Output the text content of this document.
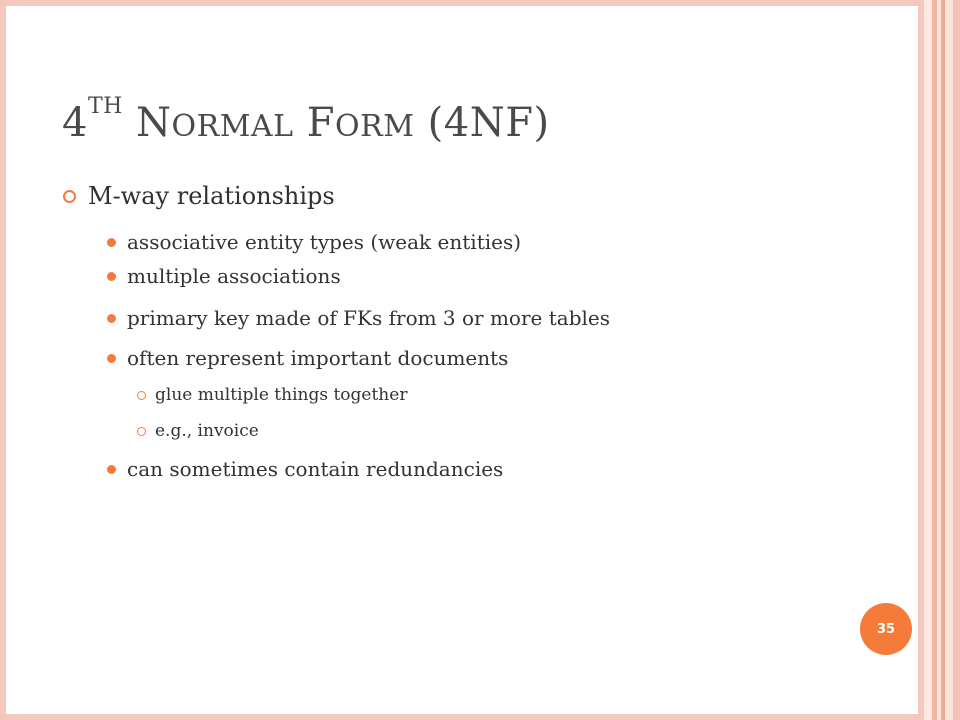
4TH NORMAL FORM (4NF)
M-way relationships
associative entity types (weak entities)
multiple associations
primary key made of FKs from 3 or more tables
often represent important documents
glue multiple things together
e.g., invoice
can sometimes contain redundancies
35
